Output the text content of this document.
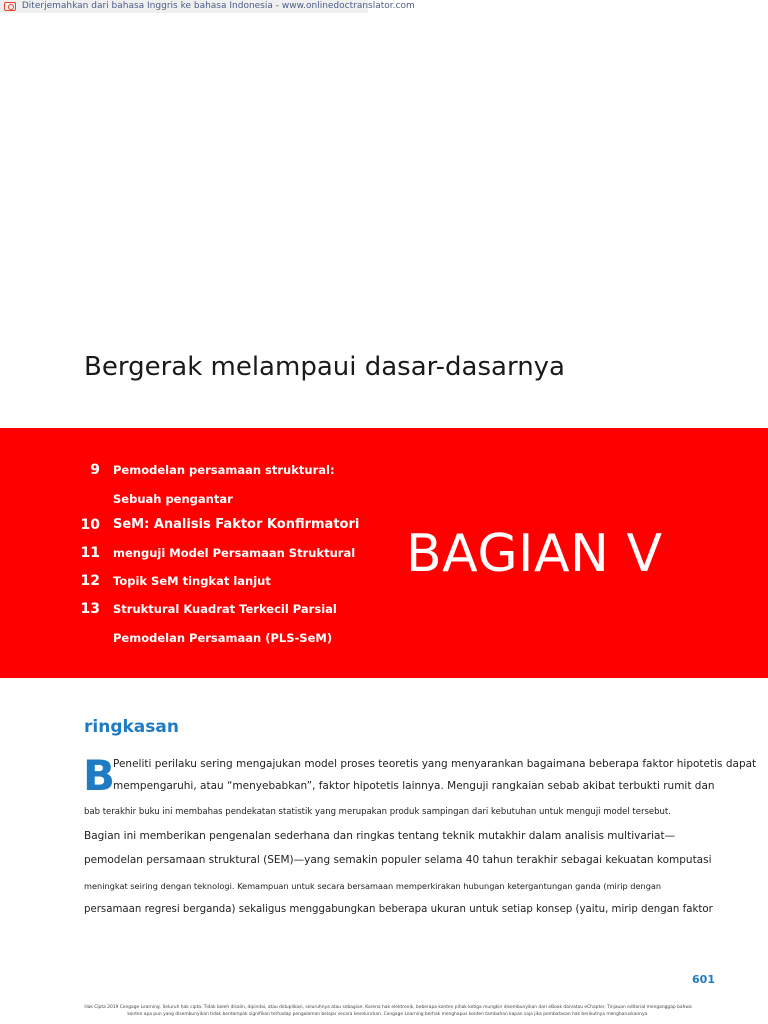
Diterjemahkan dari bahasa Inggris ke bahasa Indonesia - www.onlinedoctranslator.com
Bergerak melampaui dasar-dasarnya
9 Pemodelan persamaan struktural:
Sebuah pengantar
10 SeM: Analisis Faktor Konfirmatori
11 menguji Model Persamaan Struktural
12 Topik SeM tingkat lanjut
13 Struktural Kuadrat Terkecil Parsial
Pemodelan Persamaan (PLS-SeM)
BAGIAN V
ringkasan
B

Peneliti perilaku sering mengajukan model proses teoretis yang menyarankan bagaimana beberapa faktor hipotetis dapat

mempengaruhi, atau “menyebabkan”, faktor hipotetis lainnya. Menguji rangkaian sebab akibat terbukti rumit dan

bab terakhir buku ini membahas pendekatan statistik yang merupakan produk sampingan dari kebutuhan untuk menguji model tersebut.

Bagian ini memberikan pengenalan sederhana dan ringkas tentang teknik mutakhir dalam analisis multivariat—

pemodelan persamaan struktural (SEM)—yang semakin populer selama 40 tahun terakhir sebagai kekuatan komputasi

meningkat seiring dengan teknologi. Kemampuan untuk secara bersamaan memperkirakan hubungan ketergantungan ganda (mirip dengan

persamaan regresi berganda) sekaligus menggabungkan beberapa ukuran untuk setiap konsep (yaitu, mirip dengan faktor

601

Hak Cipta 2019 Cengage Learning. Seluruh hak cipta. Tidak boleh disalin, dipindai, atau diduplikasi, seluruhnya atau sebagian. Karena hak elektronik, beberapa konten pihak ketiga mungkin disembunyikan dari eBook dan/atau eChapter. Tinjauan editorial menganggap bahwa
konten apa pun yang disembunyikan tidak berdampak signifikan terhadap pengalaman belajar secara keseluruhan. Cengage Learning berhak menghapus konten tambahan kapan saja jika pembatasan hak berikutnya mengharuskannya.
